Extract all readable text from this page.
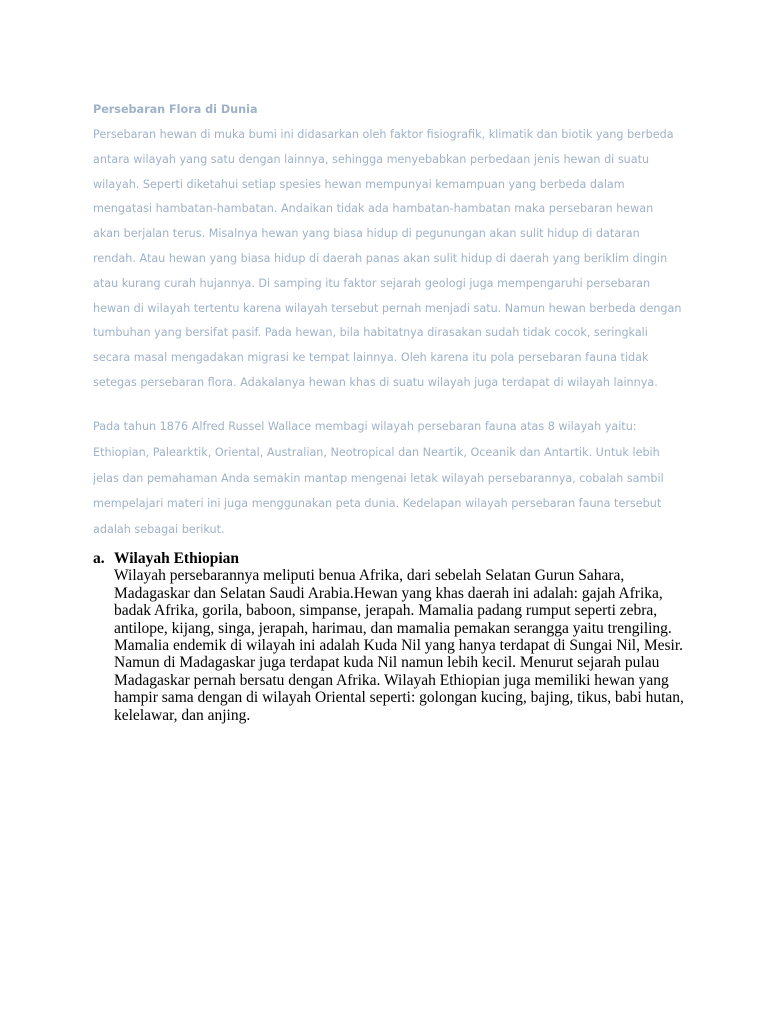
Persebaran Flora di Dunia
Persebaran hewan di muka bumi ini didasarkan oleh faktor fisiografik, klimatik dan biotik yang berbeda antara wilayah yang satu dengan lainnya, sehingga menyebabkan perbedaan jenis hewan di suatu wilayah. Seperti diketahui setiap spesies hewan mempunyai kemampuan yang berbeda dalam mengatasi hambatan-hambatan. Andaikan tidak ada hambatan-hambatan maka persebaran hewan akan berjalan terus. Misalnya hewan yang biasa hidup di pegunungan akan sulit hidup di dataran rendah. Atau hewan yang biasa hidup di daerah panas akan sulit hidup di daerah yang beriklim dingin atau kurang curah hujannya. Di samping itu faktor sejarah geologi juga mempengaruhi persebaran hewan di wilayah tertentu karena wilayah tersebut pernah menjadi satu. Namun hewan berbeda dengan tumbuhan yang bersifat pasif. Pada hewan, bila habitatnya dirasakan sudah tidak cocok, seringkali secara masal mengadakan migrasi ke tempat lainnya. Oleh karena itu pola persebaran fauna tidak setegas persebaran flora. Adakalanya hewan khas di suatu wilayah juga terdapat di wilayah lainnya.
Pada tahun 1876 Alfred Russel Wallace membagi wilayah persebaran fauna atas 8 wilayah yaitu: Ethiopian, Palearktik, Oriental, Australian, Neotropical dan Neartik, Oceanik dan Antartik. Untuk lebih jelas dan pemahaman Anda semakin mantap mengenai letak wilayah persebarannya, cobalah sambil mempelajari materi ini juga menggunakan peta dunia. Kedelapan wilayah persebaran fauna tersebut adalah sebagai berikut.
a. Wilayah Ethiopian
Wilayah persebarannya meliputi benua Afrika, dari sebelah Selatan Gurun Sahara, Madagaskar dan Selatan Saudi Arabia.Hewan yang khas daerah ini adalah: gajah Afrika, badak Afrika, gorila, baboon, simpanse, jerapah. Mamalia padang rumput seperti zebra, antilope, kijang, singa, jerapah, harimau, dan mamalia pemakan serangga yaitu trengiling. Mamalia endemik di wilayah ini adalah Kuda Nil yang hanya terdapat di Sungai Nil, Mesir. Namun di Madagaskar juga terdapat kuda Nil namun lebih kecil. Menurut sejarah pulau Madagaskar pernah bersatu dengan Afrika. Wilayah Ethiopian juga memiliki hewan yang hampir sama dengan di wilayah Oriental seperti: golongan kucing, bajing, tikus, babi hutan, kelelawar, dan anjing.
